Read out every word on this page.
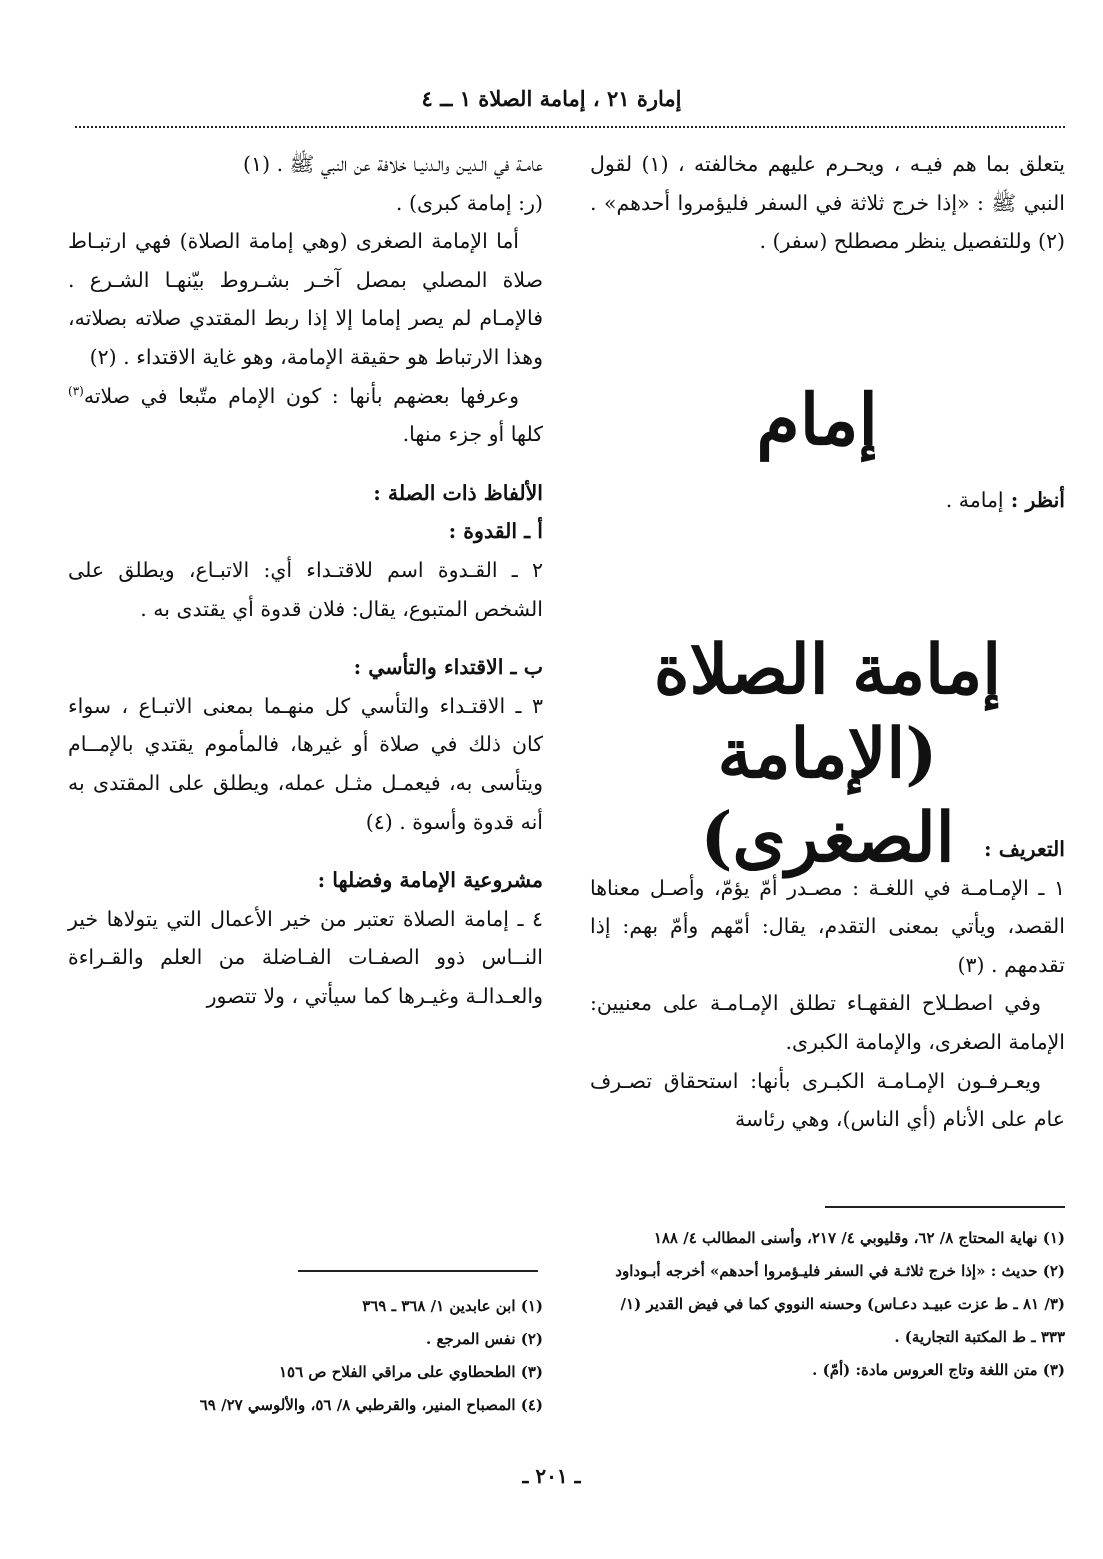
إمارة ٢١ ، إمامة الصلاة ١ ــ ٤

يتعلق بما هم فيـه ، ويحـرم عليهم مخالفته ، (١) لقول النبي ﷺ : «إذا خرج ثلاثة في السفر فليؤمروا أحدهم» . (٢) وللتفصيل ينظر مصطلح (سفر) .

إمام
أنظر : إمامة .
إمامة الصلاة
(الإمامة الصغرى)	التعريف :

١ ـ الإمـامـة في اللغـة : مصـدر أمّ يؤمّ، وأصـل معناها القصد، ويأتي بمعنى التقدم، يقال: أمّهم وأمّ بهم: إذا تقدمهم . (٣)

وفي اصطـلاح الفقهـاء تطلق الإمـامـة على معنيين: الإمامة الصغرى، والإمامة الكبرى.

ويعـرفـون الإمـامـة الكبـرى بأنها: استحقاق تصـرف عام على الأنام (أي الناس)، وهي رئاسة

(١) نهاية المحتاج ٨/ ٦٢، وقليوبي ٤/ ٢١٧، وأسنى المطالب ٤/ ١٨٨

(٢) حديث : «إذا خرج ثلاثـة في السفر فليـؤمروا أحدهم» أخرجه أبـوداود (٣/ ٨١ ـ ط عزت عبيـد دعـاس) وحسنه النووي كما في فيض القدير (١/ ٣٣٣ ـ ط المكتبة التجارية) .

(٣) متن اللغة وتاج العروس مادة: (أمّ) .

عامـة في الـديـن والـدنيـا خلافة عن النبي ﷺ . (١)

(ر: إمامة كبرى) .

أما الإمامة الصغرى (وهي إمامة الصلاة) فهي ارتبـاط صلاة المصلي بمصل آخـر بشـروط بيّنهـا الشـرع . فالإمـام لم يصر إماما إلا إذا ربط المقتدي صلاته بصلاته، وهذا الارتباط هو حقيقة الإمامة، وهو غاية الاقتداء . (٢)

وعرفها بعضهم بأنها : كون الإمام متّبعا في صلاته$^{(٣)}$ كلها أو جزء منها.

الألفاظ ذات الصلة :

أ ـ القدوة :

٢ ـ القـدوة اسم للاقتـداء أي: الاتبـاع، ويطلق على الشخص المتبوع، يقال: فلان قدوة أي يقتدى به .

ب ـ الاقتداء والتأسي :

٣ ـ الاقتـداء والتأسي كل منهـما بمعنى الاتبـاع ، سواء كان ذلك في صلاة أو غيرها، فالمأموم يقتدي بالإمــام ويتأسى به، فيعمـل مثـل عمله، ويطلق على المقتدى به أنه قدوة وأسوة . (٤)

مشروعية الإمامة وفضلها :

٤ ـ إمامة الصلاة تعتبر من خير الأعمال التي يتولاها خير النــاس ذوو الصفـات الفـاضلة من العلم والقـراءة والعـدالـة وغيـرها كما سيأتي ، ولا تتصور

(١) ابن عابدين ١/ ٣٦٨ ـ ٣٦٩

(٢) نفس المرجع .

(٣) الطحطاوي على مراقي الفلاح ص ١٥٦

(٤) المصباح المنير، والقرطبي ٨/ ٥٦، والألوسي ٢٧/ ٦٩

ـ ٢٠١ ـ
